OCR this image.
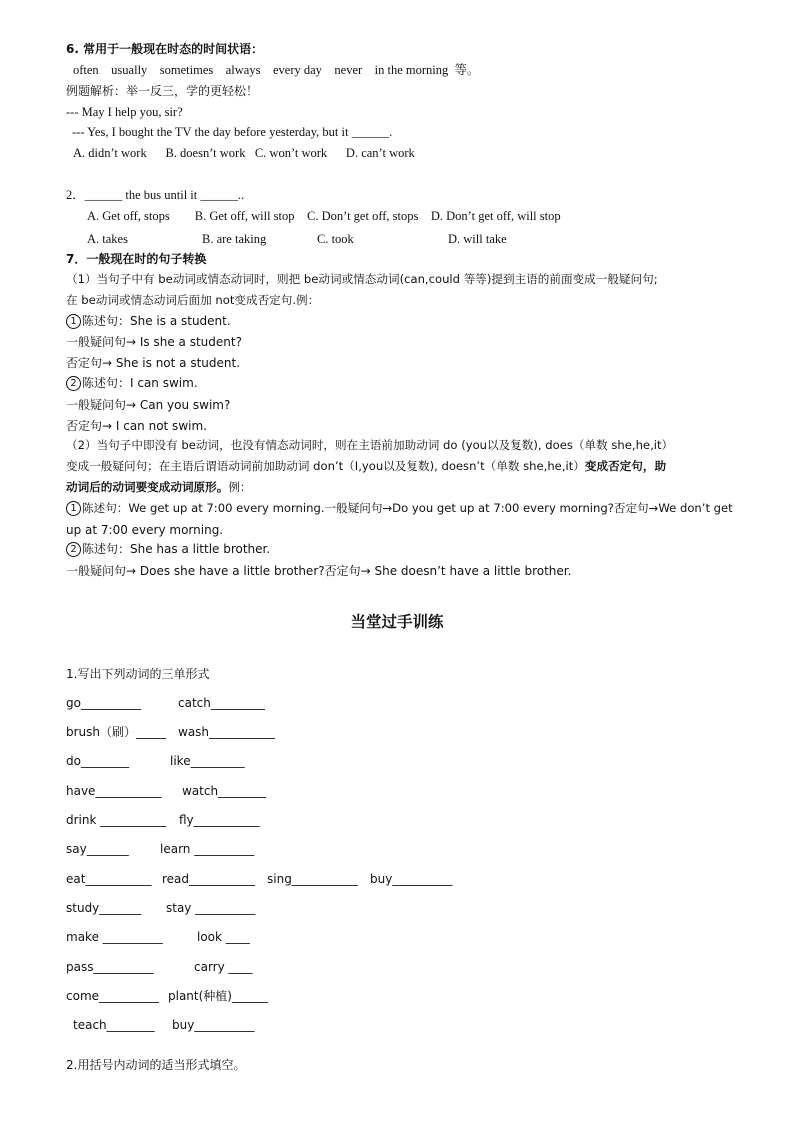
6. 常用于一般现在时态的时间状语：
often    usually    sometimes    always    every day    never    in the morning  等。
例题解析：举一反三，学的更轻松！
--- May I help you, sir?
--- Yes, I bought the TV the day before yesterday, but it ______.
A. didn’t work      B. doesn’t work   C. won’t work      D. can’t work
2．______ the bus until it ______..
A. Get off, stops        B. Get off, will stop    C. Don’t get off, stops    D. Don’t get off, will stop
A. takes	B. are taking	C. took	D. will take
7．一般现在时的句子转换
（1）当句子中有 be动词或情态动词时，则把 be动词或情态动词(can,could 等等)提到主语的前面变成一般疑问句;
在 be动词或情态动词后面加 not变成否定句.例：
1 陈述句：She is a student.
一般疑问句→ Is she a student?
否定句→ She is not a student.
2 陈述句：I can swim.
一般疑问句→ Can you swim?
否定句→ I can not swim.
（2）当句子中即没有 be动词，也没有情态动词时，则在主语前加助动词 do (you以及复数), does（单数 she,he,it）
变成一般疑问句；在主语后谓语动词前加助动词 don’t（I,you以及复数), doesn’t（单数 she,he,it）变成否定句，助
动词后的动词要变成动词原形。例：
1 陈述句：We get up at 7:00 every morning.一般疑问句→Do you get up at 7:00 every morning?否定句→We don’t get
up at 7:00 every morning.
2 陈述句：She has a little brother.
一般疑问句→ Does she have a little brother?否定句→ She doesn’t have a little brother.
当堂过手训练
1.写出下列动词的三单形式
go__________	catch_________
brush（刷）_____ wash___________
do________	like_________
have___________ watch________
drink ___________ fly___________
say_______	learn __________
eat___________ read___________ sing___________ buy__________
study_______ stay __________
make __________	look ____
pass__________	carry ____
come__________ plant(种植)______
teach________ buy__________
2.用括号内动词的适当形式填空。
